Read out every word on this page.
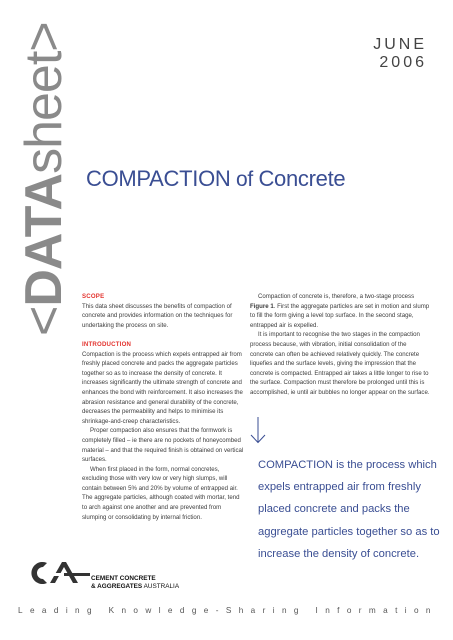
<DATAsheet>	JUNE
2006
COMPACTION of Concrete

SCOPE

This data sheet discusses the benefits of compaction of concrete and provides information on the techniques for undertaking the process on site.

INTRODUCTION

Compaction is the process which expels entrapped air from freshly placed concrete and packs the aggregate particles together so as to increase the density of concrete. It increases significantly the ultimate strength of concrete and enhances the bond with reinforcement. It also increases the abrasion resistance and general durability of the concrete, decreases the permeability and helps to minimise its shrinkage-and-creep characteristics.

Proper compaction also ensures that the formwork is completely filled – ie there are no pockets of honeycombed material – and that the required finish is obtained on vertical surfaces.

When first placed in the form, normal concretes, excluding those with very low or very high slumps, will contain between 5% and 20% by volume of entrapped air. The aggregate particles, although coated with mortar, tend to arch against one another and are prevented from slumping or consolidating by internal friction.

Compaction of concrete is, therefore, a two-stage process Figure 1. First the aggregate particles are set in motion and slump to fill the form giving a level top surface. In the second stage, entrapped air is expelled.

It is important to recognise the two stages in the compaction process because, with vibration, initial consolidation of the concrete can often be achieved relatively quickly. The concrete liquefies and the surface levels, giving the impression that the concrete is compacted. Entrapped air takes a little longer to rise to the surface. Compaction must therefore be prolonged until this is accomplished, ie until air bubbles no longer appear on the surface.

COMPACTION is the process which expels entrapped air from freshly placed concrete and packs the aggregate particles together so as to increase the density of concrete.
CEMENT CONCRETE
& AGGREGATES AUSTRALIA
L e a d i n g
K n o w l e d g e - S h a r i n g
I n f o r m a t i o n
